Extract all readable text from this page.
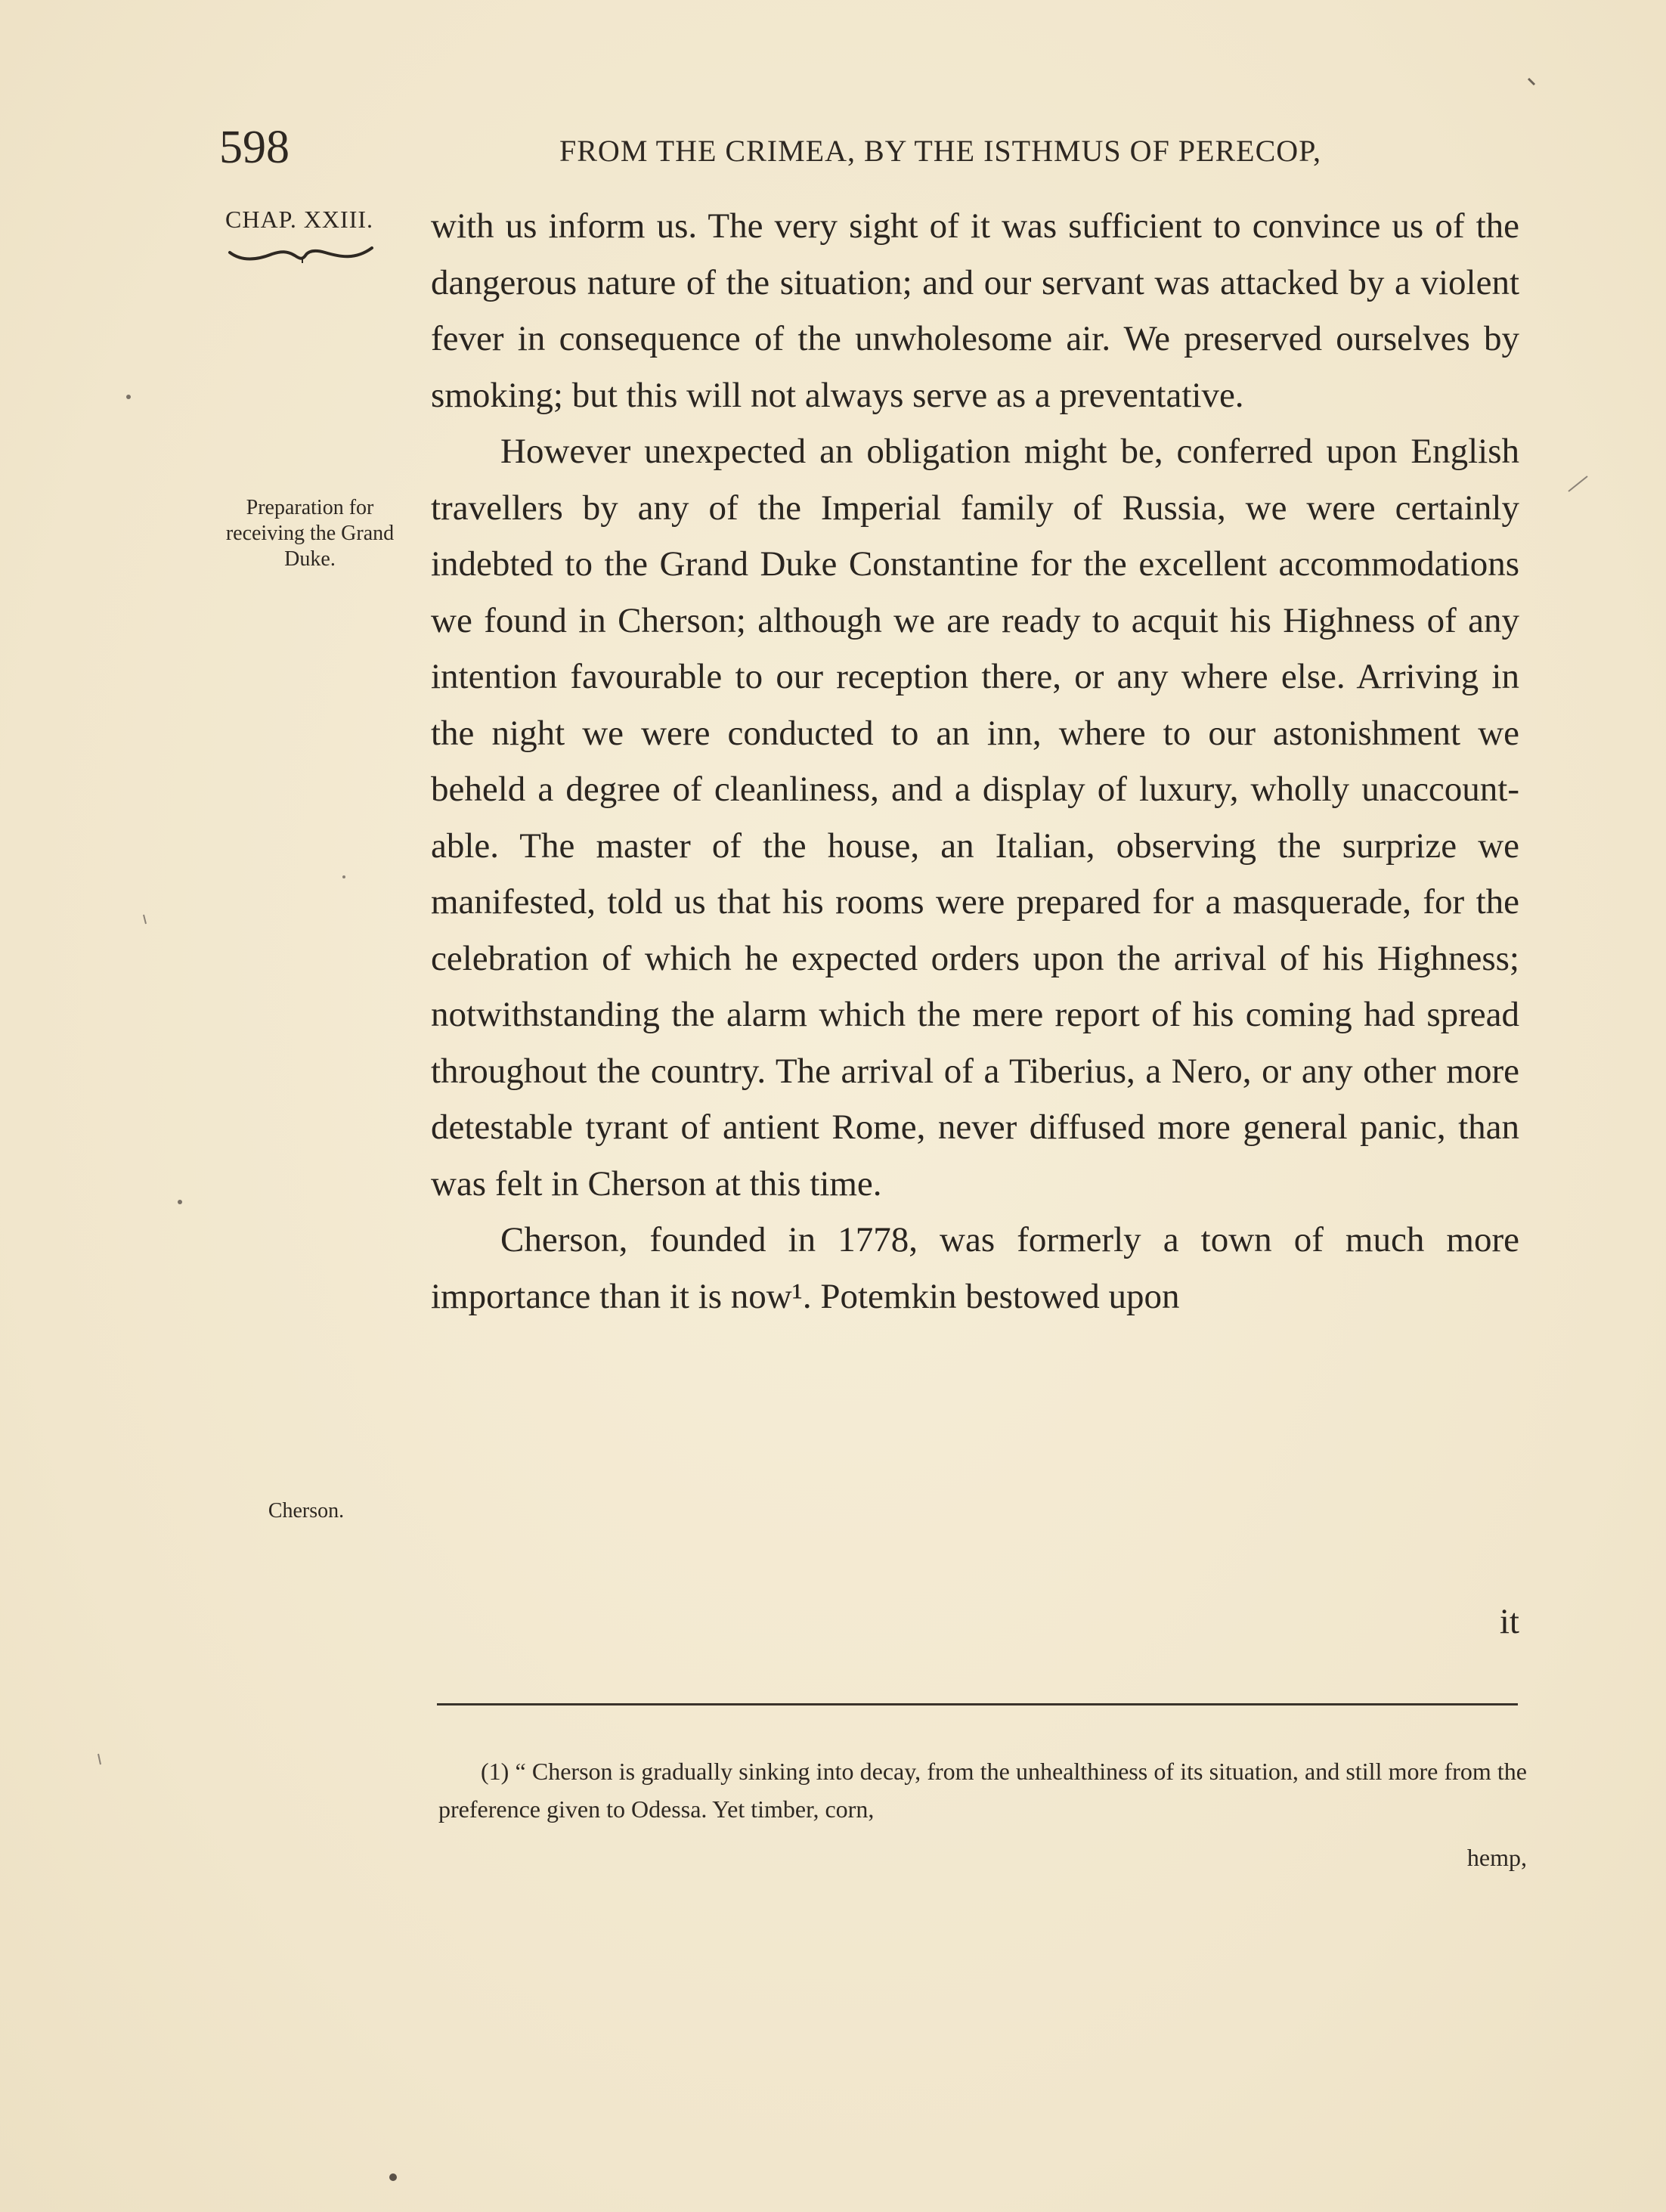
598	FROM THE CRIMEA, BY THE ISTHMUS OF PERECOP,
CHAP. XXIII.
Preparation for receiving the Grand Duke.
Cherson.

with us inform us. The very sight of it was sufficient to convince us of the dangerous nature of the situation; and our servant was attacked by a violent fever in consequence of the unwholesome air. We preserved ourselves by smoking; but this will not always serve as a preventative.

However unexpected an obligation might be, conferred upon English travellers by any of the Imperial family of Russia, we were certainly indebted to the Grand Duke Constantine for the excellent accommodations we found in Cherson; although we are ready to acquit his Highness of any intention favourable to our reception there, or any where else. Arriving in the night we were conducted to an inn, where to our astonishment we beheld a degree of cleanliness, and a display of luxury, wholly unaccount-able. The master of the house, an Italian, observing the surprize we manifested, told us that his rooms were prepared for a masquerade, for the celebration of which he expected orders upon the arrival of his Highness; notwithstanding the alarm which the mere report of his coming had spread throughout the country. The arrival of a Tiberius, a Nero, or any other more detestable tyrant of antient Rome, never diffused more general panic, than was felt in Cherson at this time.

Cherson, founded in 1778, was formerly a town of much more importance than it is now¹. Potemkin bestowed upon

it

(1) “ Cherson is gradually sinking into decay, from the unhealthiness of its situation, and still more from the preference given to Odessa. Yet timber, corn,

hemp,
